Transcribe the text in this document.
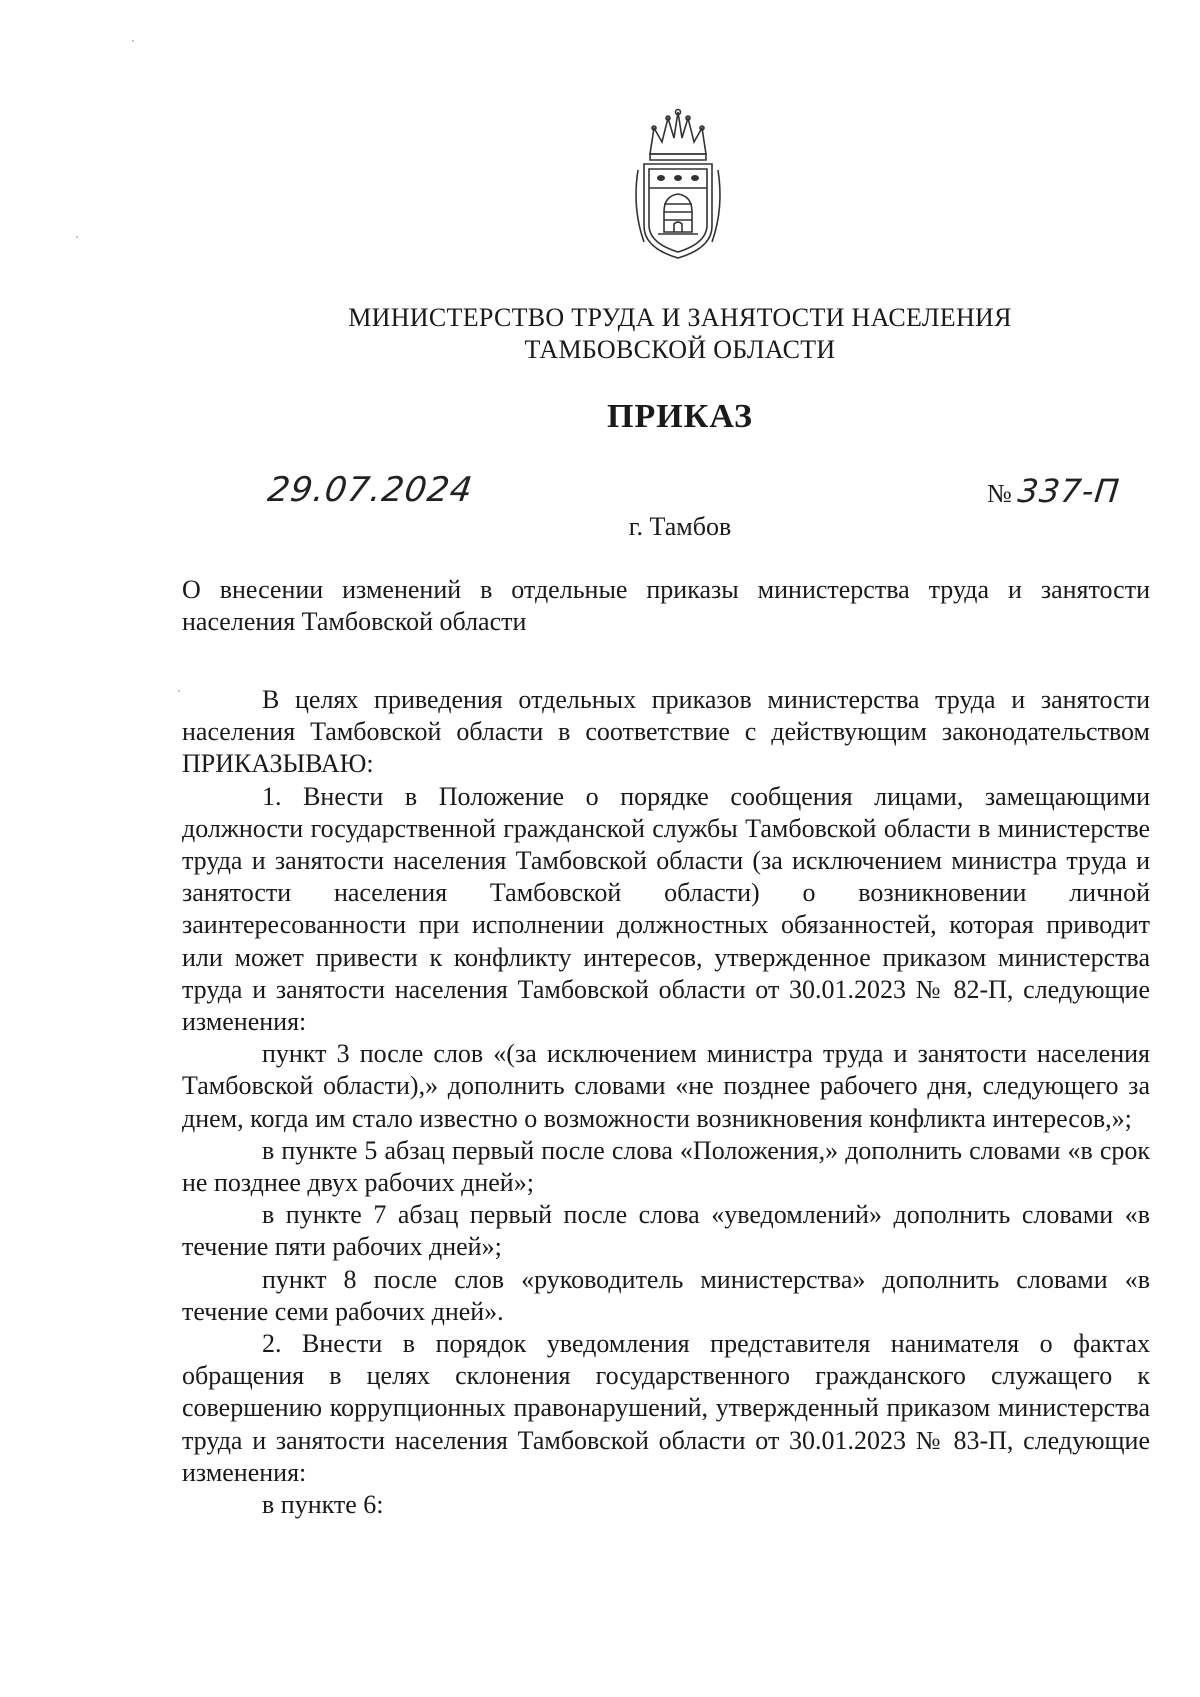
МИНИСТЕРСТВО ТРУДА И ЗАНЯТОСТИ НАСЕЛЕНИЯ
ТАМБОВСКОЙ ОБЛАСТИ
ПРИКАЗ
29.07.2024	№ 337-П
г. Тамбов
О внесении изменений в отдельные приказы министерства труда и занятости населения Тамбовской области

В целях приведения отдельных приказов министерства труда и занятости населения Тамбовской области в соответствие с действующим законодательством ПРИКАЗЫВАЮ:

1. Внести в Положение о порядке сообщения лицами, замещающими должности государственной гражданской службы Тамбовской области в министерстве труда и занятости населения Тамбовской области (за исключением министра труда и занятости населения Тамбовской области) о возникновении личной заинтересованности при исполнении должностных обязанностей, которая приводит или может привести к конфликту интересов, утвержденное приказом министерства труда и занятости населения Тамбовской области от 30.01.2023 № 82-П, следующие изменения:

пункт 3 после слов «(за исключением министра труда и занятости населения Тамбовской области),» дополнить словами «не позднее рабочего дня, следующего за днем, когда им стало известно о возможности возникновения конфликта интересов,»;

в пункте 5 абзац первый после слова «Положения,» дополнить словами «в срок не позднее двух рабочих дней»;

в пункте 7 абзац первый после слова «уведомлений» дополнить словами «в течение пяти рабочих дней»;

пункт 8 после слов «руководитель министерства» дополнить словами «в течение семи рабочих дней».

2. Внести в порядок уведомления представителя нанимателя о фактах обращения в целях склонения государственного гражданского служащего к совершению коррупционных правонарушений, утвержденный приказом министерства труда и занятости населения Тамбовской области от 30.01.2023 № 83-П, следующие изменения:

в пункте 6:
